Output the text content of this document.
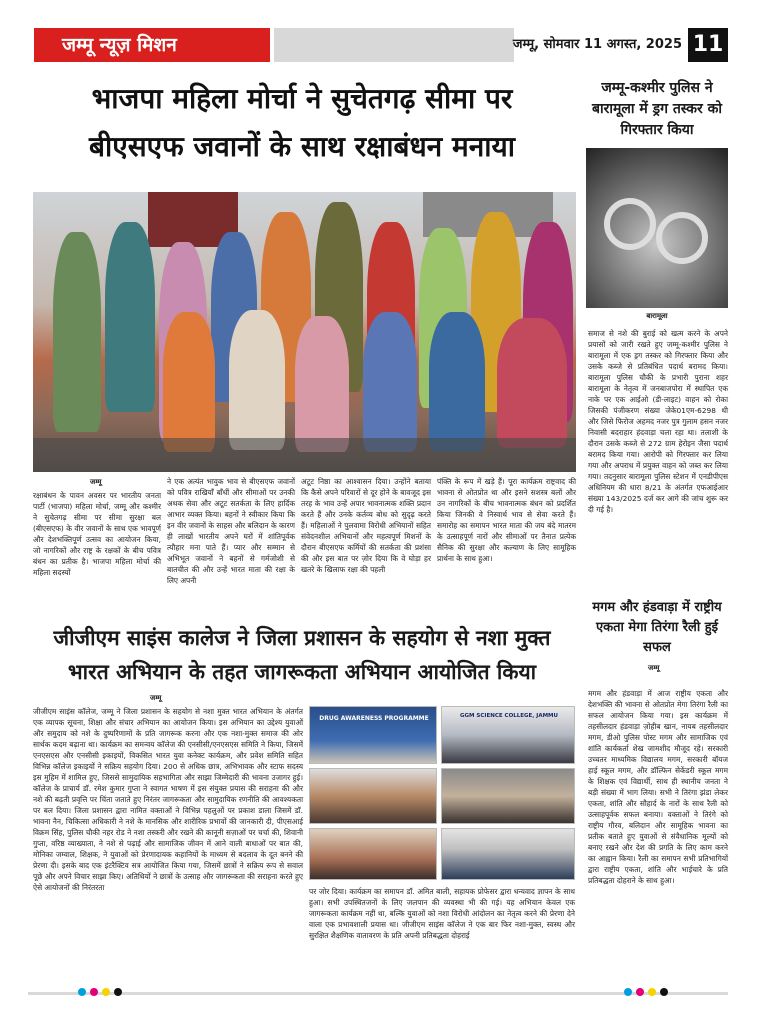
जम्मू न्यूज़ मिशन	जम्मू, सोमवार 11 अगस्त, 2025 11
भाजपा महिला मोर्चा ने सुचेतगढ़ सीमा पर
बीएसएफ जवानों के साथ रक्षाबंधन मनाया
जम्मू-कश्मीर पुलिस ने बारामूला में ड्रग तस्कर को गिरफ्तार किया
बारामूला
जम्मू
रक्षाबंधन के पावन अवसर पर भारतीय जनता पार्टी (भाजपा) महिला मोर्चा, जम्मू और कश्मीर ने सुचेतगढ़ सीमा पर सीमा सुरक्षा बल (बीएसएफ) के वीर जवानों के साथ एक भावपूर्ण और देशभक्तिपूर्ण उत्सव का आयोजन किया, जो नागरिकों और राष्ट्र के रक्षकों के बीच पवित्र बंधन का प्रतीक है। भाजपा महिला मोर्चा की महिला सदस्यों
ने एक अत्यंत भावुक भाव से बीएसएफ जवानों को पवित्र राखियाँ बाँधीं और सीमाओं पर उनकी अथक सेवा और अटूट सतर्कता के लिए हार्दिक आभार व्यक्त किया। बहनों ने स्वीकार किया कि इन वीर जवानों के साहस और बलिदान के कारण ही लाखों भारतीय अपने घरों में शांतिपूर्वक त्यौहार मना पाते हैं। प्यार और सम्मान से अभिभूत जवानों ने बहनों से गर्मजोशी से बातचीत की और उन्हें भारत माता की रक्षा के लिए अपनी
अटूट निष्ठा का आश्वासन दिया। उन्होंने बताया कि कैसे अपने परिवारों से दूर होने के बावजूद इस तरह के भाव उन्हें अपार भावनात्मक शक्ति प्रदान करते हैं और उनके कर्तव्य बोध को सुदृढ़ करते हैं। महिलाओं ने पुलवामा विरोधी अभियानों सहित संवेदनशील अभियानों और महत्वपूर्ण मिशनों के दौरान बीएसएफ कर्मियों की सतर्कता की प्रशंसा की और इस बात पर ज़ोर दिया कि वे घोड़ा हर खतरे के खिलाफ रक्षा की पहली
पंक्ति के रूप में खड़े हैं। पूरा कार्यक्रम राष्ट्रवाद की भावना से ओतप्रोत था और इसने सशस्त्र बलों और उन नागरिकों के बीच भावनात्मक बंधन को प्रदर्शित किया जिनकी वे निस्वार्थ भाव से सेवा करते हैं। समारोह का समापन भारत माता की जय बंदे मातरम के उत्साहपूर्ण नारों और सीमाओं पर तैनात प्रत्येक सैनिक की सुरक्षा और कल्याण के लिए सामूहिक प्रार्थना के साथ हुआ।
समाज से नशे की बुराई को खत्म करने के अपने प्रयासों को जारी रखते हुए जम्मू-कश्मीर पुलिस ने बारामूला में एक ड्रग तस्कर को गिरफ्तार किया और उसके कब्जे से प्रतिबंधित पदार्थ बरामद किया। बारामूला पुलिस चौकी के प्रभारी पुराना शहर बारामूला के नेतृत्व में जनबाजपोरा में स्थापित एक नाके पर एक आईओ (डी-लाइट) वाहन को रोका जिसकी पंजीकरण संख्या जेके01एम-6298 थी और जिसे फिरोज अहमद नजर पुत्र गुलाम हसन नजर निवासी बदराहार हंदवाड़ा चला रहा था। तलाशी के दौरान उसके कब्जे से 272 ग्राम हेरोइन जैसा पदार्थ बरामद किया गया। आरोपी को गिरफ्तार कर लिया गया और अपराध में प्रयुक्त वाहन को जब्त कर लिया गया। तदनुसार बारामूला पुलिस स्टेशन में एनडीपीएस अधिनियम की धारा 8/21 के अंतर्गत एफआईआर संख्या 143/2025 दर्ज कर आगे की जांच शुरू कर दी गई है।
जीजीएम साइंस कालेज ने जिला प्रशासन के सहयोग से नशा मुक्त
भारत अभियान के तहत जागरूकता अभियान आयोजित किया
मगम और हंडवाड़ा में राष्ट्रीय एकता मेगा तिरंगा रैली हुई सफल
जम्मू
मगम और हंडवाड़ा में आज राष्ट्रीय एकता और देशभक्ति की भावना से ओतप्रोत मेगा तिरंगा रैली का सफल आयोजन किया गया। इस कार्यक्रम में तहसीलदार हंडवाड़ा ज़ोहीब खान, नायब तहसीलदार मगम, डीओ पुलिस पोस्ट मगम और सामाजिक एवं शांति कार्यकर्ता शेख जामशीद मौजूद रहे। सरकारी उच्चतर माध्यमिक विद्यालय मगम, सरकारी बॉयज हाई स्कूल मगम, और डॉल्फिन सेकेंडरी स्कूल मगम के शिक्षक एवं विद्यार्थी, साथ ही स्थानीय जनता ने बड़ी संख्या में भाग लिया। सभी ने तिरंगा झंडा लेकर एकता, शांति और सौहार्द के नारों के साथ रैली को उत्साहपूर्वक सफल बनाया। वक्ताओं ने तिरंगे को राष्ट्रीय गौरव, बलिदान और सामूहिक भावना का प्रतीक बताते हुए युवाओं से संवैधानिक मूल्यों को बनाए रखने और देश की प्रगति के लिए काम करने का आह्वान किया। रैली का समापन सभी प्रतिभागियों द्वारा राष्ट्रीय एकता, शांति और भाईचारे के प्रति प्रतिबद्धता दोहराने के साथ हुआ।
जम्मू
जीजीएम साइंस कॉलेज, जम्मू ने जिला प्रशासन के सहयोग से नशा मुक्त भारत अभियान के अंतर्गत एक व्यापक सूचना, शिक्षा और संचार अभियान का आयोजन किया। इस अभियान का उद्देश्य युवाओं और समुदाय को नशे के दुष्परिणामों के प्रति जागरूक करना और एक नशा-मुक्त समाज की ओर सार्थक कदम बढ़ाना था। कार्यक्रम का समन्वय कॉलेज की एनसीसी/एनएसएस समिति ने किया, जिसमें एनएसएस और एनसीसी इकाइयों, विकसित भारत युवा कनेक्ट कार्यक्रम, और प्रवेश समिति सहित विभिन्न कॉलेज इकाइयों ने सक्रिय सहयोग दिया। 200 से अधिक छात्र, अभिभावक और स्टाफ सदस्य इस मुहिम में शामिल हुए, जिससे सामुदायिक सहभागिता और साझा जिम्मेदारी की भावना उजागर हुई। कॉलेज के प्राचार्य डॉ. रमेश कुमार गुप्ता ने स्वागत भाषण में इस संयुक्त प्रयास की सराहना की और नशे की बढ़ती प्रवृत्ति पर चिंता जताते हुए निरंतर जागरूकता और सामुदायिक रणनीति की आवश्यकता पर बल दिया। जिला प्रशासन द्वारा नामित वक्ताओं ने विभिन्न पहलुओं पर प्रकाश डाला जिसमें डॉ. भावना नैन, चिकित्सा अधिकारी ने नशे के मानसिक और शारीरिक प्रभावों की जानकारी दी, पीएसआई विक्रम सिंह, पुलिस चौकी नहर रोड ने नशा तस्करी और रखने की कानूनी सज़ाओं पर चर्चा की, शिवानी गुप्ता, वरिष्ठ व्याख्याता, ने नशे से पढ़ाई और सामाजिक जीवन में आने वाली बाधाओं पर बात की, मोनिका जम्वाल, शिक्षक, ने युवाओं को प्रेरणादायक कहानियों के माध्यम से बदलाव के दूत बनने की प्रेरणा दी। इसके बाद एक इंटरैक्टिव सत्र आयोजित किया गया, जिसमें छात्रों ने सक्रिय रूप से सवाल पूछे और अपने विचार साझा किए। अतिथियों ने छात्रों के उत्साह और जागरूकता की सराहना करते हुए ऐसे आयोजनों की निरंतरता	पर जोर दिया। कार्यक्रम का समापन डॉ. अमित बाली, सहायक प्रोफेसर द्वारा धन्यवाद ज्ञापन के साथ हुआ। सभी उपस्थितजनों के लिए जलपान की व्यवस्था भी की गई। यह अभियान केवल एक जागरूकता कार्यक्रम नहीं था, बल्कि युवाओं को नशा विरोधी आंदोलन का नेतृत्व करने की प्रेरणा देने वाला एक प्रभावशाली प्रयास था। जीजीएम साइंस कॉलेज ने एक बार फिर नशा-मुक्त, स्वस्थ और सुरक्षित शैक्षणिक वातावरण के प्रति अपनी प्रतिबद्धता दोहराई
DRUG AWARENESS PROGRAMME	GGM SCIENCE COLLEGE, JAMMU
